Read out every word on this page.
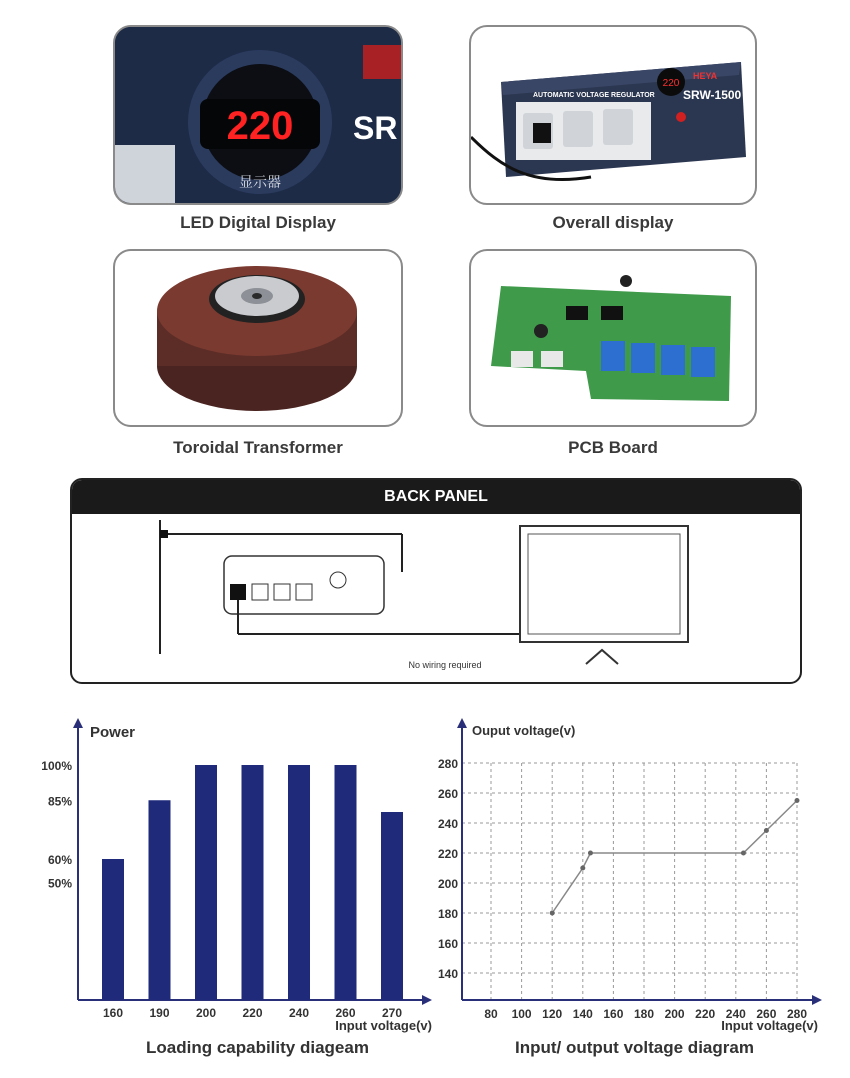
220
显示器
SR
LED Digital Display
AUTOMATIC VOLTAGE REGULATOR
220
HEYA
SRW-1500
Overall display
Toroidal Transformer	PCB Board
BACK PANEL
No wiring required
Power
Input voltage(v)
100%
85%
60%
50%
160 190 200 220 240 260 270
Loading capability diageam
Ouput voltage(v)
Input voltage(v)
280
260
240
220
200
180
160
140
80 100 120 140 160 180 200 220 240 260 280
Input/ output voltage diagram
